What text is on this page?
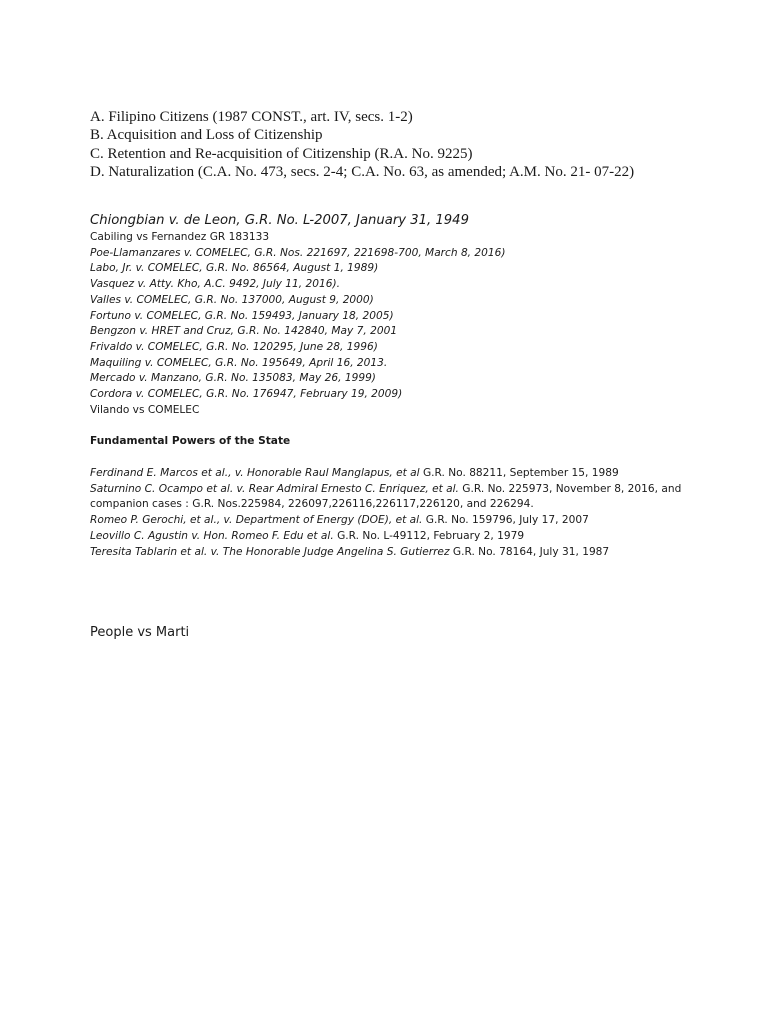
A. Filipino Citizens (1987 CONST., art. IV, secs. 1-2)
B. Acquisition and Loss of Citizenship
C. Retention and Re-acquisition of Citizenship (R.A. No. 9225)
D. Naturalization (C.A. No. 473, secs. 2-4; C.A. No. 63, as amended; A.M. No. 21- 07-22)
Chiongbian v. de Leon, G.R. No. L-2007, January 31, 1949
Cabiling vs Fernandez GR 183133
Poe-Llamanzares v. COMELEC, G.R. Nos. 221697, 221698-700, March 8, 2016)
Labo, Jr. v. COMELEC, G.R. No. 86564, August 1, 1989)
Vasquez v. Atty. Kho, A.C. 9492, July 11, 2016).
Valles v. COMELEC, G.R. No. 137000, August 9, 2000)
Fortuno v. COMELEC, G.R. No. 159493, January 18, 2005)
Bengzon v. HRET and Cruz, G.R. No. 142840, May 7, 2001
Frivaldo v. COMELEC, G.R. No. 120295, June 28, 1996)
Maquiling v. COMELEC, G.R. No. 195649, April 16, 2013.
Mercado v. Manzano, G.R. No. 135083, May 26, 1999)
Cordora v. COMELEC, G.R. No. 176947, February 19, 2009)
Vilando vs COMELEC
Fundamental Powers of the State
Ferdinand E. Marcos et al., v. Honorable Raul Manglapus, et al G.R. No. 88211, September 15, 1989
Saturnino C. Ocampo et al. v. Rear Admiral Ernesto C. Enriquez, et al. G.R. No. 225973, November 8, 2016, and
companion cases : G.R. Nos.225984, 226097,226116,226117,226120, and 226294.
Romeo P. Gerochi, et al., v. Department of Energy (DOE), et al. G.R. No. 159796, July 17, 2007
Leovillo C. Agustin v. Hon. Romeo F. Edu et al. G.R. No. L-49112, February 2, 1979
Teresita Tablarin et al. v. The Honorable Judge Angelina S. Gutierrez G.R. No. 78164, July 31, 1987
People vs Marti
